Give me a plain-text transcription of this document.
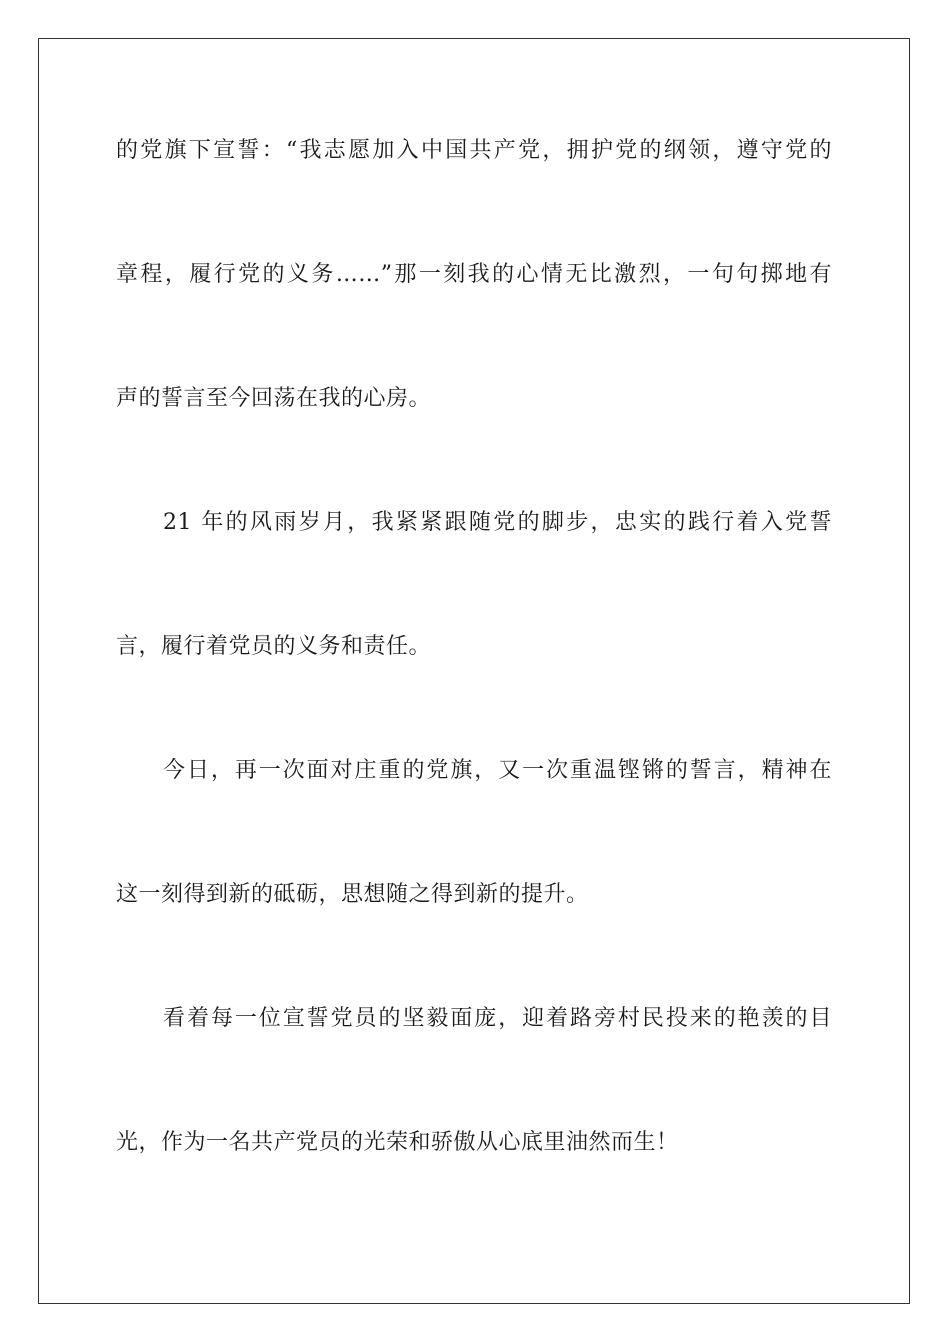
的党旗下宣誓：“我志愿加入中国共产党，拥护党的纲领，遵守党的
章程，履行党的义务……”那一刻我的心情无比激烈，一句句掷地有
声的誓言至今回荡在我的心房。
21 年的风雨岁月，我紧紧跟随党的脚步，忠实的践行着入党誓
言，履行着党员的义务和责任。
今日，再一次面对庄重的党旗，又一次重温铿锵的誓言，精神在
这一刻得到新的砥砺，思想随之得到新的提升。
看着每一位宣誓党员的坚毅面庞，迎着路旁村民投来的艳羡的目
光，作为一名共产党员的光荣和骄傲从心底里油然而生！
